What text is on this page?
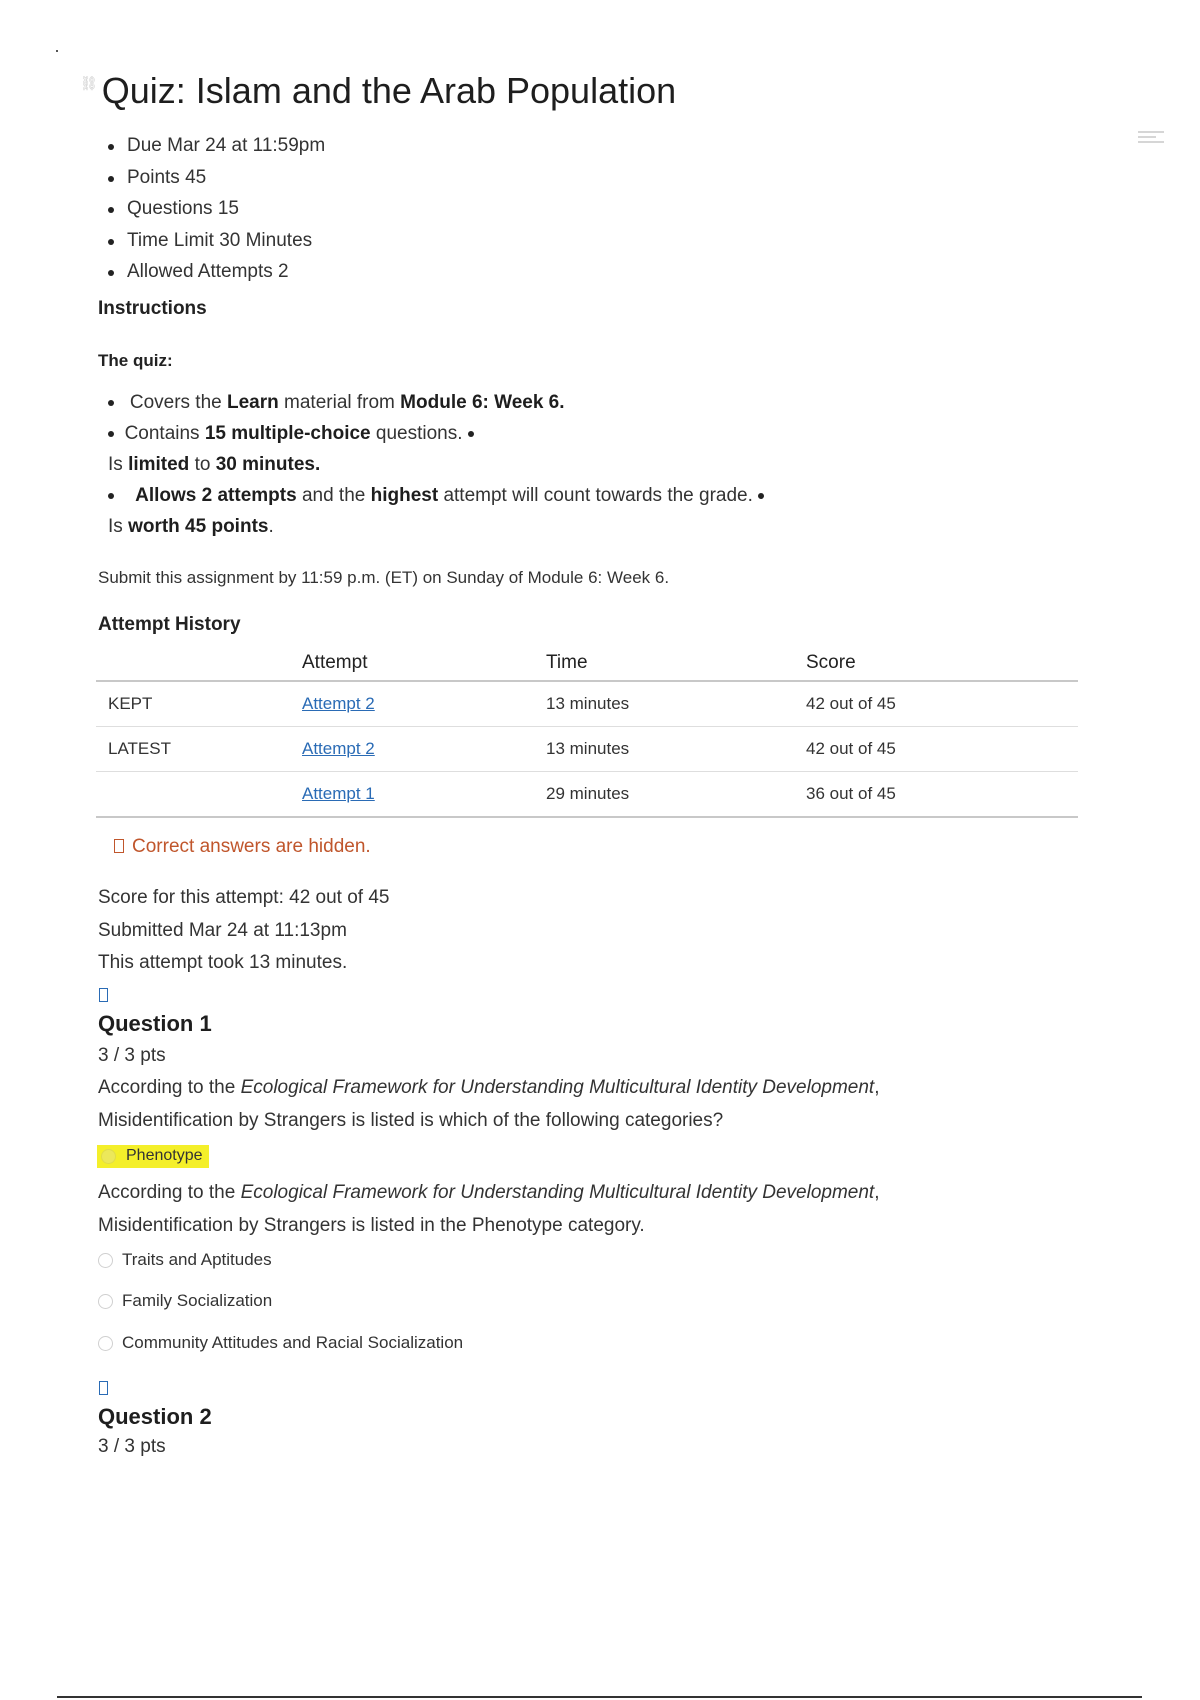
⛓ Quiz: Islam and the Arab Population
Due Mar 24 at 11:59pm
Points 45
Questions 15
Time Limit 30 Minutes
Allowed Attempts 2
Instructions
The quiz:
Covers the Learn material from Module 6: Week 6.
Contains 15 multiple-choice questions.
Is limited to 30 minutes.
Allows 2 attempts and the highest attempt will count towards the grade.
Is worth 45 points.
Submit this assignment by 11:59 p.m. (ET) on Sunday of Module 6: Week 6.
Attempt History
	Attempt	Time	Score
KEPT	Attempt 2	13 minutes	42 out of 45
LATEST	Attempt 2	13 minutes	42 out of 45
	Attempt 1	29 minutes	36 out of 45
Correct answers are hidden.
Score for this attempt: 42 out of 45
Submitted Mar 24 at 11:13pm
This attempt took 13 minutes.
Question 1
3 / 3 pts
According to the Ecological Framework for Understanding Multicultural Identity Development,
Misidentification by Strangers is listed is which of the following categories?
Phenotype
According to the Ecological Framework for Understanding Multicultural Identity Development,
Misidentification by Strangers is listed in the Phenotype category.
Traits and Aptitudes
Family Socialization
Community Attitudes and Racial Socialization
Question 2
3 / 3 pts
